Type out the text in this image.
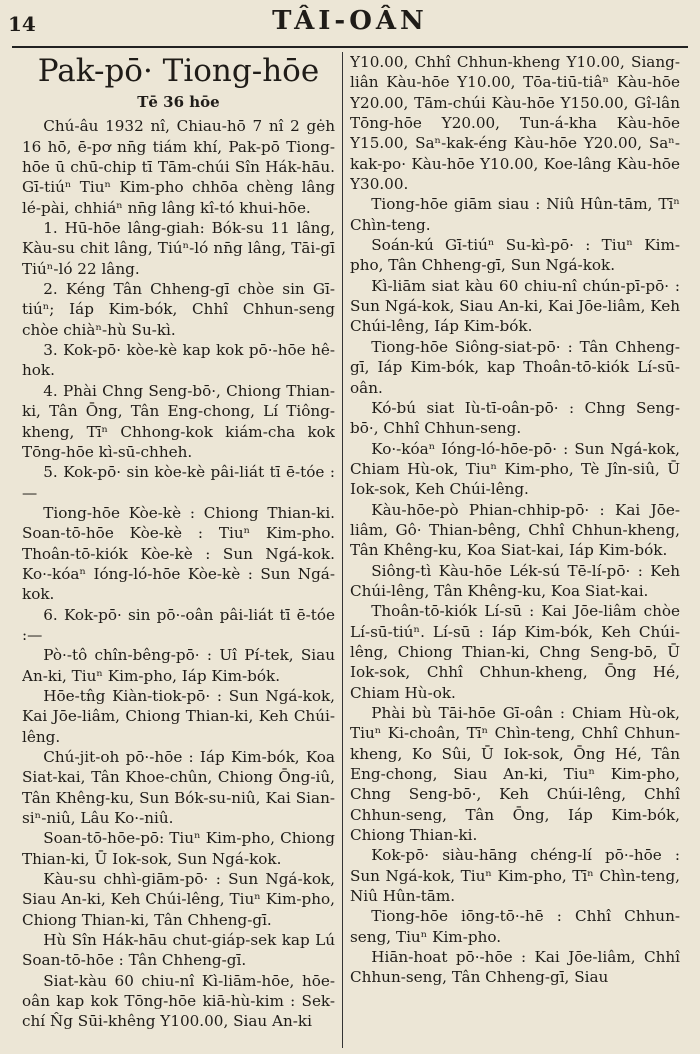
14	TÂI-OÂN
Pak-pō· Tiong-hōe
Tē 36 hōe

Chú-âu 1932 nî, Chiau-hō 7 nî 2 gėh 16 hō, ē-pơ nn̄g tiám khí, Pak-pō Tiong-hōe ū chū-chip tī Tām-chúi Sîn Hák-hāu. Gī-tiúⁿ Tiuⁿ Kim-pho chhōa chèng lâng lé-pài, chhiáⁿ nn̄g lâng kî-tó khui-hōe.

1. Hū-hōe lâng-giah: Bók-su 11 lâng, Kàu-su chit lâng, Tiúⁿ-ló nn̄g lâng, Tāi-gī Tiúⁿ-ló 22 lâng.

2. Kéng Tân Chheng-gī chòe sin Gī-tiúⁿ; Iáp Kim-bók, Chhî Chhun-seng chòe chiàⁿ-hù Su-kì.

3. Kok-pō· kòe-kè kap kok pō·-hōe hê-hok.

4. Phài Chng Seng-bō·, Chiong Thian-ki, Tân Ōng, Tân Eng-chong, Lí Tiông-kheng, Tīⁿ Chhong-kok kiám-cha kok Tōng-hōe kì-sū-chheh.

5. Kok-pō· sin kòe-kè pâi-liát tī ē-tóe :—

Tiong-hōe Kòe-kè : Chiong Thian-ki. Soan-tō-hōe Kòe-kè : Tiuⁿ Kim-pho. Thoân-tō-kiók Kòe-kè : Sun Ngá-kok. Ko·-kóaⁿ Ióng-ló-hōe Kòe-kè : Sun Ngá-kok.

6. Kok-pō· sin pō·-oân pâi-liát tī ē-tóe :—

Pò·-tô chîn-bêng-pō· : Uî Pí-tek, Siau An-ki, Tiuⁿ Kim-pho, Iáp Kim-bók.

Hōe-tn̂g Kiàn-tiok-pō· : Sun Ngá-kok, Kai Jōe-liâm, Chiong Thian-ki, Keh Chúi-lêng.

Chú-jit-oh pō·-hōe : Iáp Kim-bók, Koa Siat-kai, Tân Khoe-chûn, Chiong Ōng-iû, Tân Khêng-ku, Sun Bók-su-niû, Kai Sian-siⁿ-niû, Lâu Ko·-niû.

Soan-tō-hōe-pō: Tiuⁿ Kim-pho, Chiong Thian-ki, Ū Iok-sok, Sun Ngá-kok.

Kàu-su chhì-giām-pō· : Sun Ngá-kok, Siau An-ki, Keh Chúi-lêng, Tiuⁿ Kim-pho, Chiong Thian-ki, Tân Chheng-gī.

Hù Sîn Hák-hāu chut-giáp-sek kap Lú Soan-tō-hōe : Tân Chheng-gī.

Siat-kàu 60 chiu-nî Kì-liām-hōe, hōe-oân kap kok Tōng-hōe kiā-hù-kim : Sek-chí N̂g Sūi-khêng Y100.00, Siau An-ki

Y10.00, Chhî Chhun-kheng Y10.00, Siang-liân Kàu-hōe Y10.00, Tōa-tiū-tiâⁿ Kàu-hōe Y20.00, Tām-chúi Kàu-hōe Y150.00, Gî-lân Tōng-hōe Y20.00, Tun-á-kha Kàu-hōe Y15.00, Saⁿ-kak-éng Kàu-hōe Y20.00, Saⁿ-kak-po· Kàu-hōe Y10.00, Koe-lâng Kàu-hōe Y30.00.

Tiong-hōe giām siau : Niû Hûn-tām, Tīⁿ Chìn-teng.

Soán-kú Gī-tiúⁿ Su-kì-pō· : Tiuⁿ Kim-pho, Tân Chheng-gī, Sun Ngá-kok.

Kì-liām siat kàu 60 chiu-nî chún-pī-pō· : Sun Ngá-kok, Siau An-ki, Kai Jōe-liâm, Keh Chúi-lêng, Iáp Kim-bók.

Tiong-hōe Siông-siat-pō· : Tân Chheng-gī, Iáp Kim-bók, kap Thoân-tō-kiók Lí-sū-oân.

Kó-bú siat Iù-tī-oân-pō· : Chng Seng-bō·, Chhî Chhun-seng.

Ko·-kóaⁿ Ióng-ló-hōe-pō· : Sun Ngá-kok, Chiam Hù-ok, Tiuⁿ Kim-pho, Tè Jîn-siû, Ū Iok-sok, Keh Chúi-lêng.

Kàu-hōe-pò Phian-chhip-pō· : Kai Jōe-liâm, Gô· Thian-bêng, Chhî Chhun-kheng, Tân Khêng-ku, Koa Siat-kai, Iáp Kim-bók.

Siông-tì Kàu-hōe Lék-sú Tē-lí-pō· : Keh Chúi-lêng, Tân Khêng-ku, Koa Siat-kai.

Thoân-tō-kiók Lí-sū : Kai Jōe-liâm chòe Lí-sū-tiúⁿ. Lí-sū : Iáp Kim-bók, Keh Chúi-lêng, Chiong Thian-ki, Chng Seng-bō, Ū Iok-sok, Chhî Chhun-kheng, Ōng Hé, Chiam Hù-ok.

Phài bù Tāi-hōe Gī-oân : Chiam Hù-ok, Tiuⁿ Ki-choân, Tīⁿ Chìn-teng, Chhî Chhun-kheng, Ko Sûi, Ū Iok-sok, Ōng Hé, Tân Eng-chong, Siau An-ki, Tiuⁿ Kim-pho, Chng Seng-bō·, Keh Chúi-lêng, Chhî Chhun-seng, Tân Ōng, Iáp Kim-bók, Chiong Thian-ki.

Kok-pō· siàu-hāng chéng-lí pō·-hōe : Sun Ngá-kok, Tiuⁿ Kim-pho, Tīⁿ Chìn-teng, Niû Hûn-tām.

Tiong-hōe iōng-tō·-hē : Chhî Chhun-seng, Tiuⁿ Kim-pho.

Hiān-hoat pō·-hōe : Kai Jōe-liâm, Chhî Chhun-seng, Tân Chheng-gī, Siau
